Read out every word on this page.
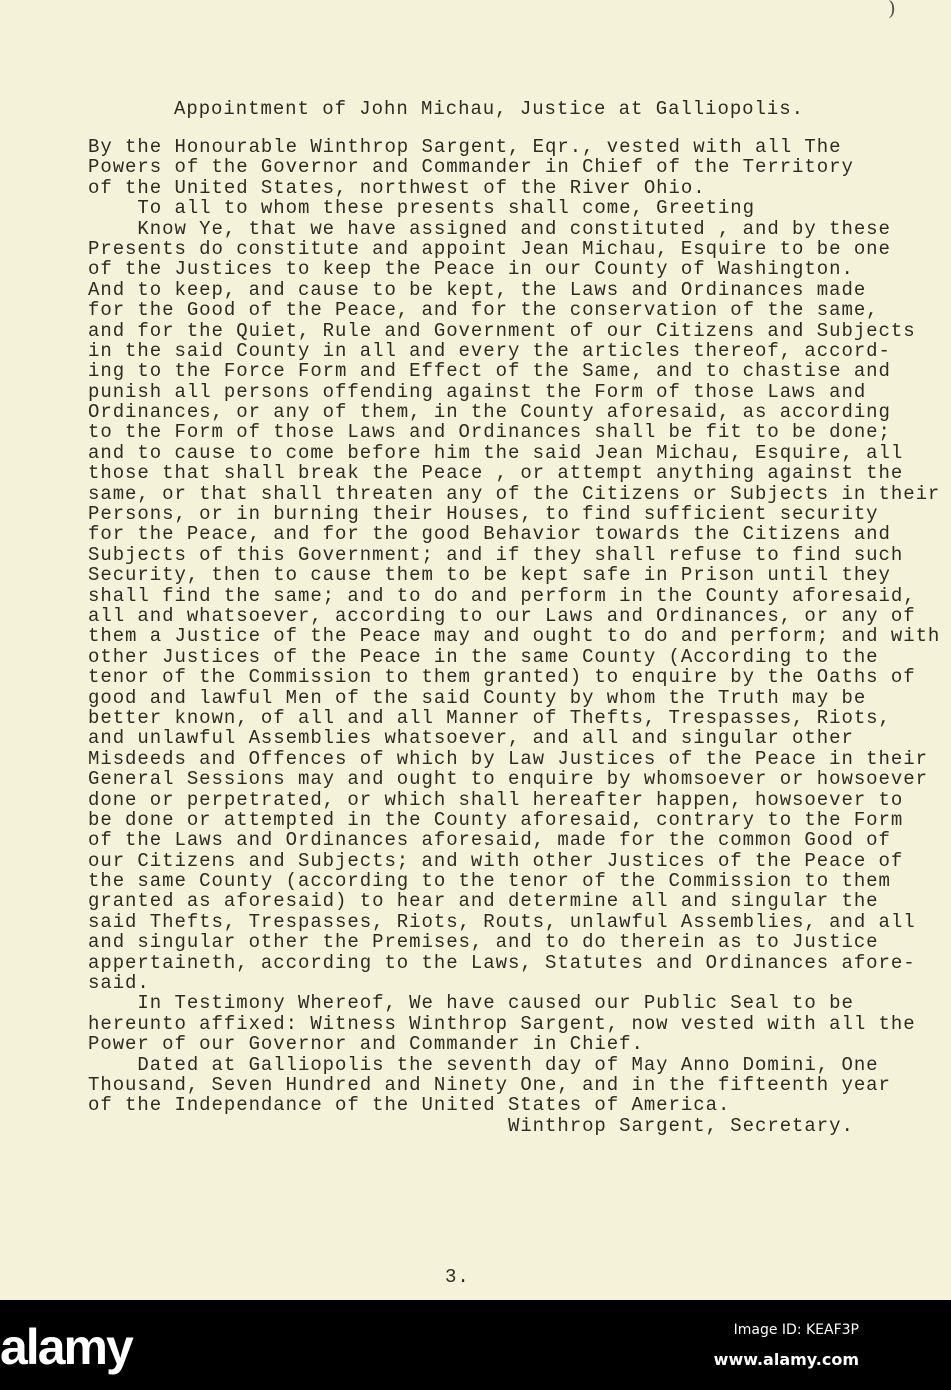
)
Appointment of John Michau, Justice at Galliopolis.
By the Honourable Winthrop Sargent, Eqr., vested with all The
Powers of the Governor and Commander in Chief of the Territory
of the United States, northwest of the River Ohio.
To all to whom these presents shall come, Greeting
Know Ye, that we have assigned and constituted , and by these
Presents do constitute and appoint Jean Michau, Esquire to be one
of the Justices to keep the Peace in our County of Washington.
And to keep, and cause to be kept, the Laws and Ordinances made
for the Good of the Peace, and for the conservation of the same,
and for the Quiet, Rule and Government of our Citizens and Subjects
in the said County in all and every the articles thereof, accord-
ing to the Force Form and Effect of the Same, and to chastise and
punish all persons offending against the Form of those Laws and
Ordinances, or any of them, in the County aforesaid, as according
to the Form of those Laws and Ordinances shall be fit to be done;
and to cause to come before him the said Jean Michau, Esquire, all
those that shall break the Peace , or attempt anything against the
same, or that shall threaten any of the Citizens or Subjects in their
Persons, or in burning their Houses, to find sufficient security
for the Peace, and for the good Behavior towards the Citizens and
Subjects of this Government; and if they shall refuse to find such
Security, then to cause them to be kept safe in Prison until they
shall find the same; and to do and perform in the County aforesaid,
all and whatsoever, according to our Laws and Ordinances, or any of
them a Justice of the Peace may and ought to do and perform; and with
other Justices of the Peace in the same County (According to the
tenor of the Commission to them granted) to enquire by the Oaths of
good and lawful Men of the said County by whom the Truth may be
better known, of all and all Manner of Thefts, Trespasses, Riots,
and unlawful Assemblies whatsoever, and all and singular other
Misdeeds and Offences of which by Law Justices of the Peace in their
General Sessions may and ought to enquire by whomsoever or howsoever
done or perpetrated, or which shall hereafter happen, howsoever to
be done or attempted in the County aforesaid, contrary to the Form
of the Laws and Ordinances aforesaid, made for the common Good of
our Citizens and Subjects; and with other Justices of the Peace of
the same County (according to the tenor of the Commission to them
granted as aforesaid) to hear and determine all and singular the
said Thefts, Trespasses, Riots, Routs, unlawful Assemblies, and all
and singular other the Premises, and to do therein as to Justice
appertaineth, according to the Laws, Statutes and Ordinances afore-
said.
In Testimony Whereof, We have caused our Public Seal to be
hereunto affixed: Witness Winthrop Sargent, now vested with all the
Power of our Governor and Commander in Chief.
Dated at Galliopolis the seventh day of May Anno Domini, One
Thousand, Seven Hundred and Ninety One, and in the fifteenth year
of the Independance of the United States of America.
Winthrop Sargent, Secretary.
3.
alamy	Image ID: KEAF3P
www.alamy.com
